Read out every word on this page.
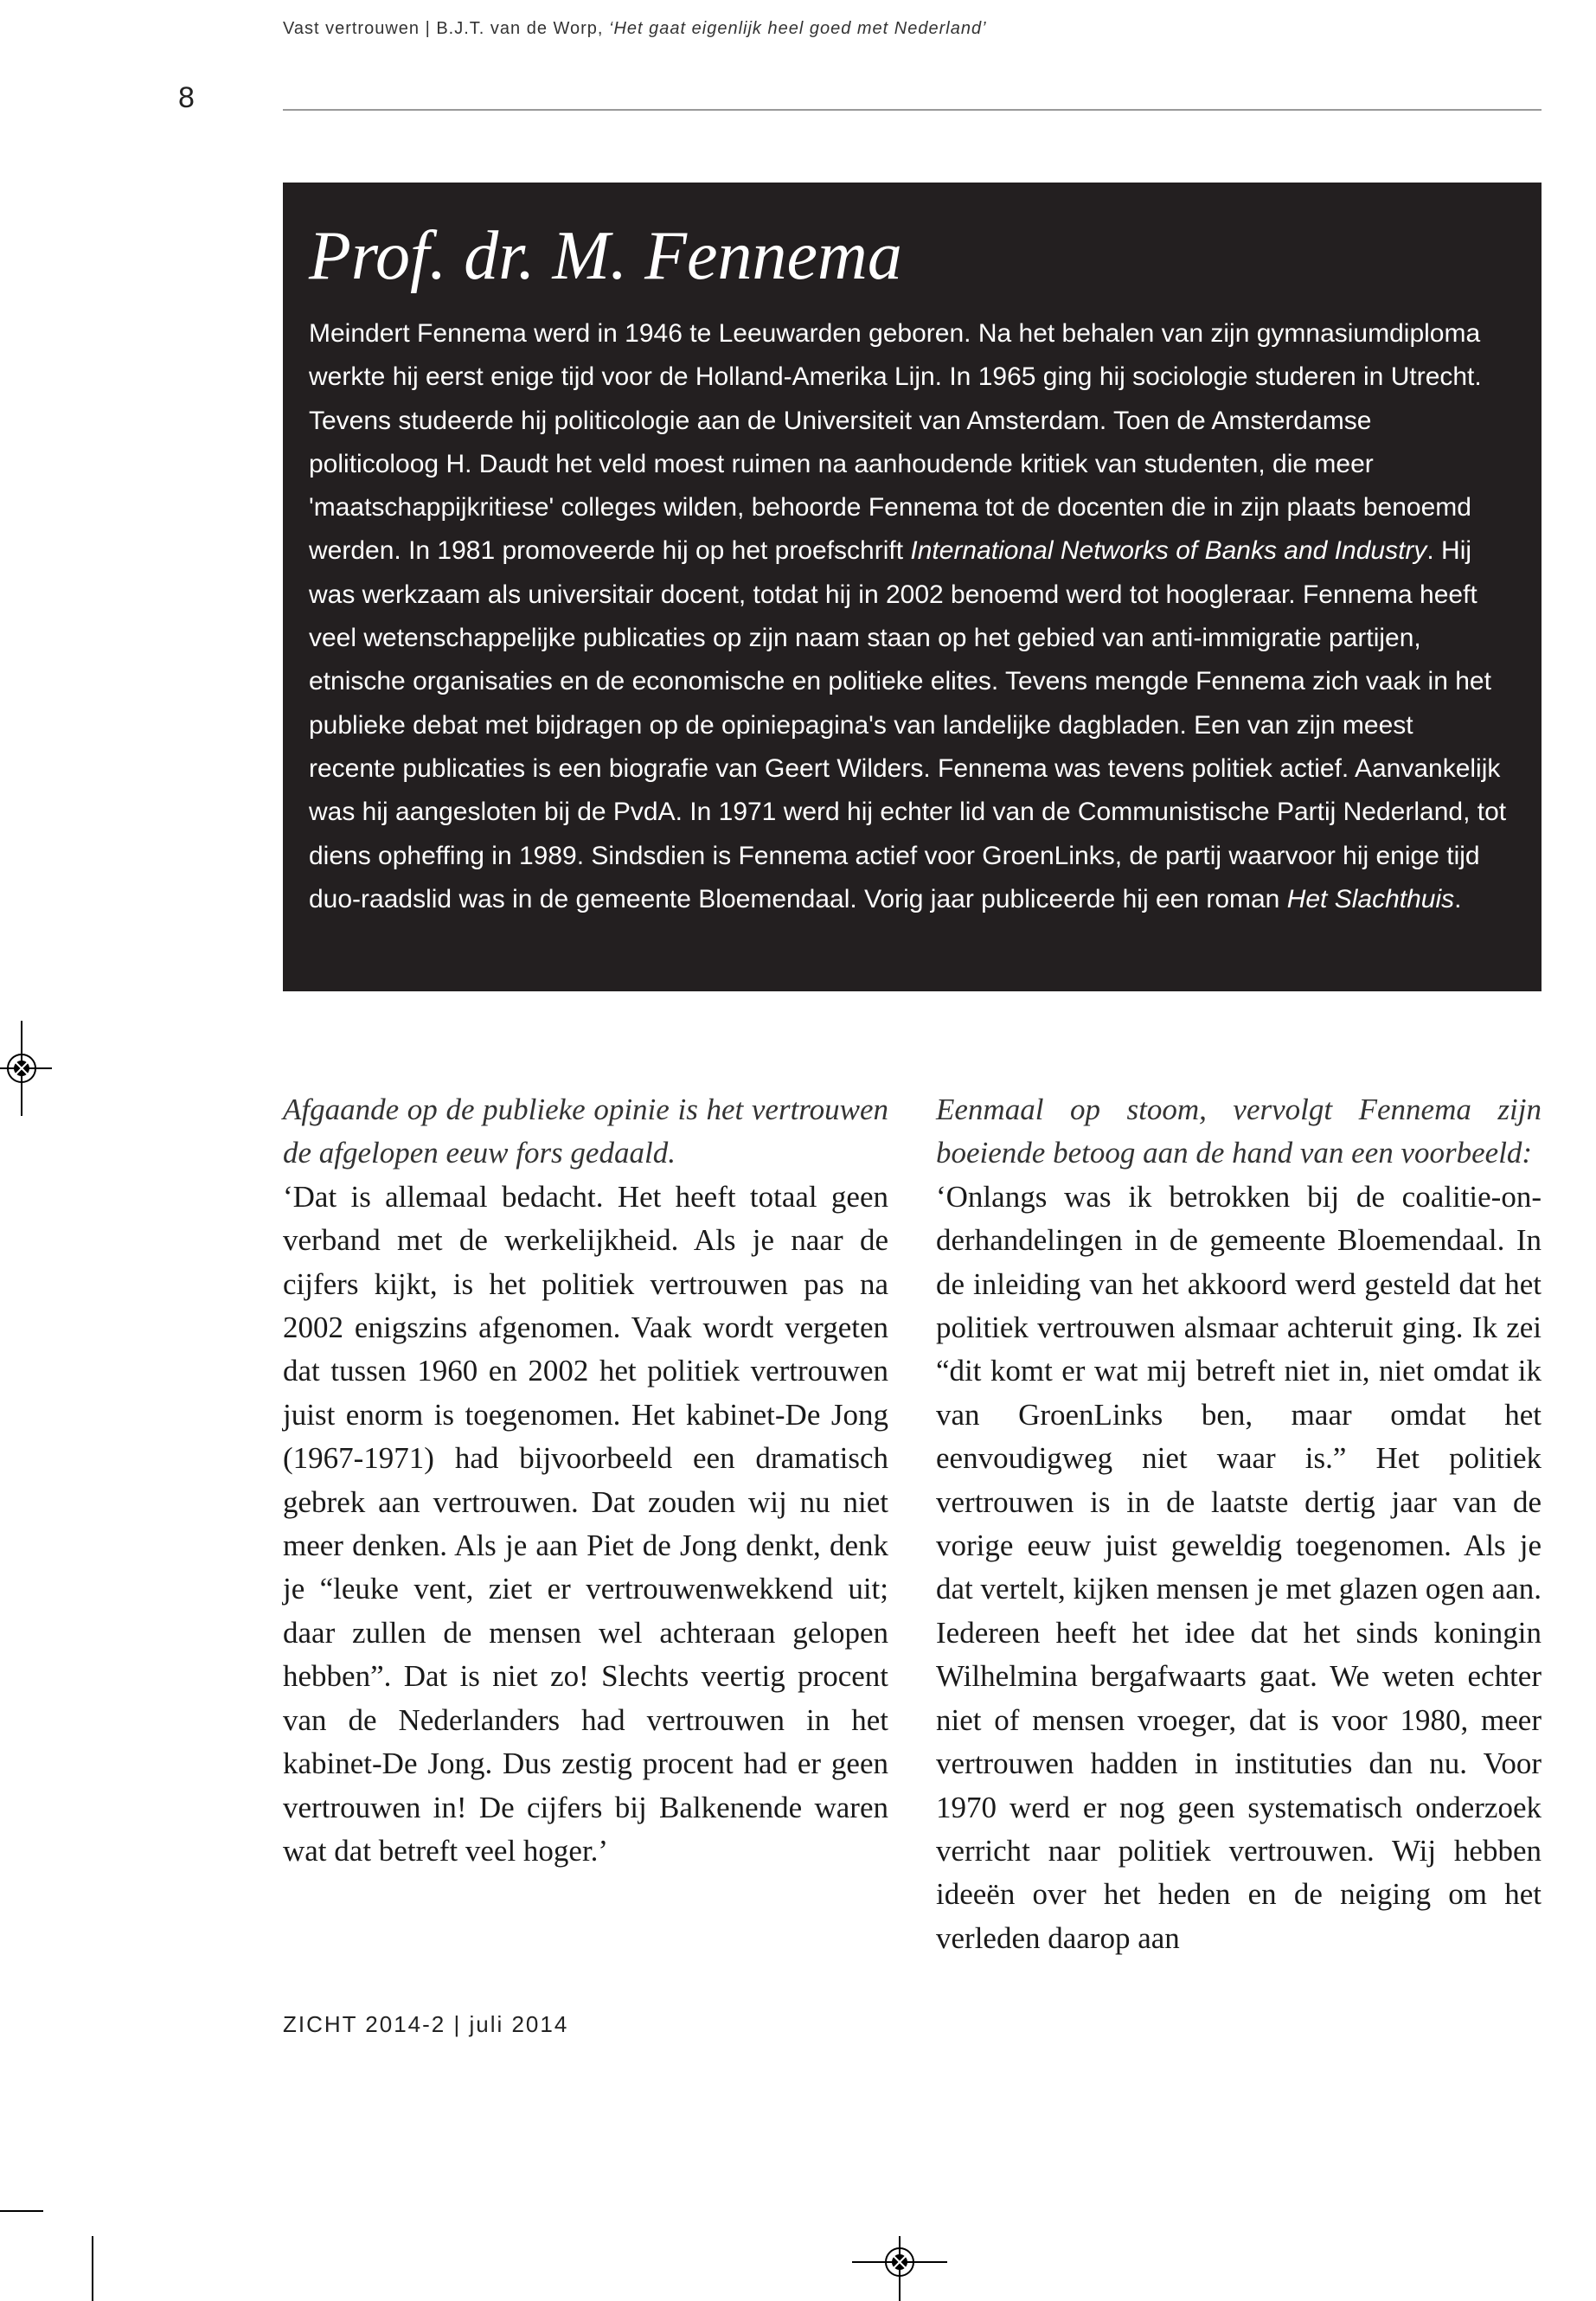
Vast vertrouwen | B.J.T. van de Worp, ‘Het gaat eigenlijk heel goed met Nederland’
8
Prof. dr. M. Fennema

Meindert Fennema werd in 1946 te Leeuwarden geboren. Na het behalen van zijn gymnasiumdiploma werkte hij eerst enige tijd voor de Holland-Amerika Lijn. In 1965 ging hij sociologie studeren in Utrecht. Tevens studeerde hij politicologie aan de Universiteit van Amsterdam. Toen de Amsterdamse politicoloog H. Daudt het veld moest ruimen na aanhoudende kritiek van studenten, die meer 'maatschappijkritiese' colleges wilden, behoorde Fennema tot de docenten die in zijn plaats benoemd werden. In 1981 promoveerde hij op het proefschrift International Networks of Banks and Industry. Hij was werkzaam als universitair docent, totdat hij in 2002 benoemd werd tot hoogleraar. Fennema heeft veel wetenschappelijke publicaties op zijn naam staan op het gebied van anti-immigratie partijen, etnische organisaties en de economische en politieke elites. Tevens mengde Fennema zich vaak in het publieke debat met bijdragen op de opiniepagina's van landelijke dagbladen. Een van zijn meest recente publicaties is een biografie van Geert Wilders. Fennema was tevens politiek actief. Aanvankelijk was hij aangesloten bij de PvdA. In 1971 werd hij echter lid van de Communistische Partij Nederland, tot diens opheffing in 1989. Sindsdien is Fennema actief voor GroenLinks, de partij waarvoor hij enige tijd duo-raadslid was in de gemeente Bloemendaal. Vorig jaar publiceerde hij een roman Het Slachthuis.

Afgaande op de publieke opinie is het vertrouwen de afgelopen eeuw fors gedaald.
‘Dat is allemaal bedacht. Het heeft totaal geen verband met de werkelijkheid. Als je naar de cijfers kijkt, is het politiek vertrouwen pas na 2002 enigszins afgenomen. Vaak wordt vergeten dat tussen 1960 en 2002 het politiek vertrouwen juist enorm is toegenomen. Het kabinet-De Jong (1967-1971) had bijvoorbeeld een dramatisch gebrek aan vertrouwen. Dat zouden wij nu niet meer denken. Als je aan Piet de Jong denkt, denk je “leuke vent, ziet er vertrouwenwekkend uit; daar zullen de mensen wel achteraan gelopen hebben”. Dat is niet zo! Slechts veertig procent van de Nederlanders had vertrouwen in het kabinet-De Jong. Dus zestig procent had er geen vertrouwen in! De cijfers bij Balkenende waren wat dat betreft veel hoger.’
Eenmaal op stoom, vervolgt Fennema zijn boeiende betoog aan de hand van een voorbeeld:
‘Onlangs was ik betrokken bij de coalitie-onderhandelingen in de gemeente Bloemendaal. In de inleiding van het akkoord werd gesteld dat het politiek vertrouwen alsmaar achteruit ging. Ik zei “dit komt er wat mij betreft niet in, niet omdat ik van GroenLinks ben, maar omdat het eenvoudigweg niet waar is.” Het politiek vertrouwen is in de laatste dertig jaar van de vorige eeuw juist geweldig toegenomen. Als je dat vertelt, kijken mensen je met glazen ogen aan. Iedereen heeft het idee dat het sinds koningin Wilhelmina bergafwaarts gaat. We weten echter niet of mensen vroeger, dat is voor 1980, meer vertrouwen hadden in instituties dan nu. Voor 1970 werd er nog geen systematisch onderzoek verricht naar politiek vertrouwen. Wij hebben ideeën over het heden en de neiging om het verleden daarop aan
ZICHT 2014-2 | juli 2014
